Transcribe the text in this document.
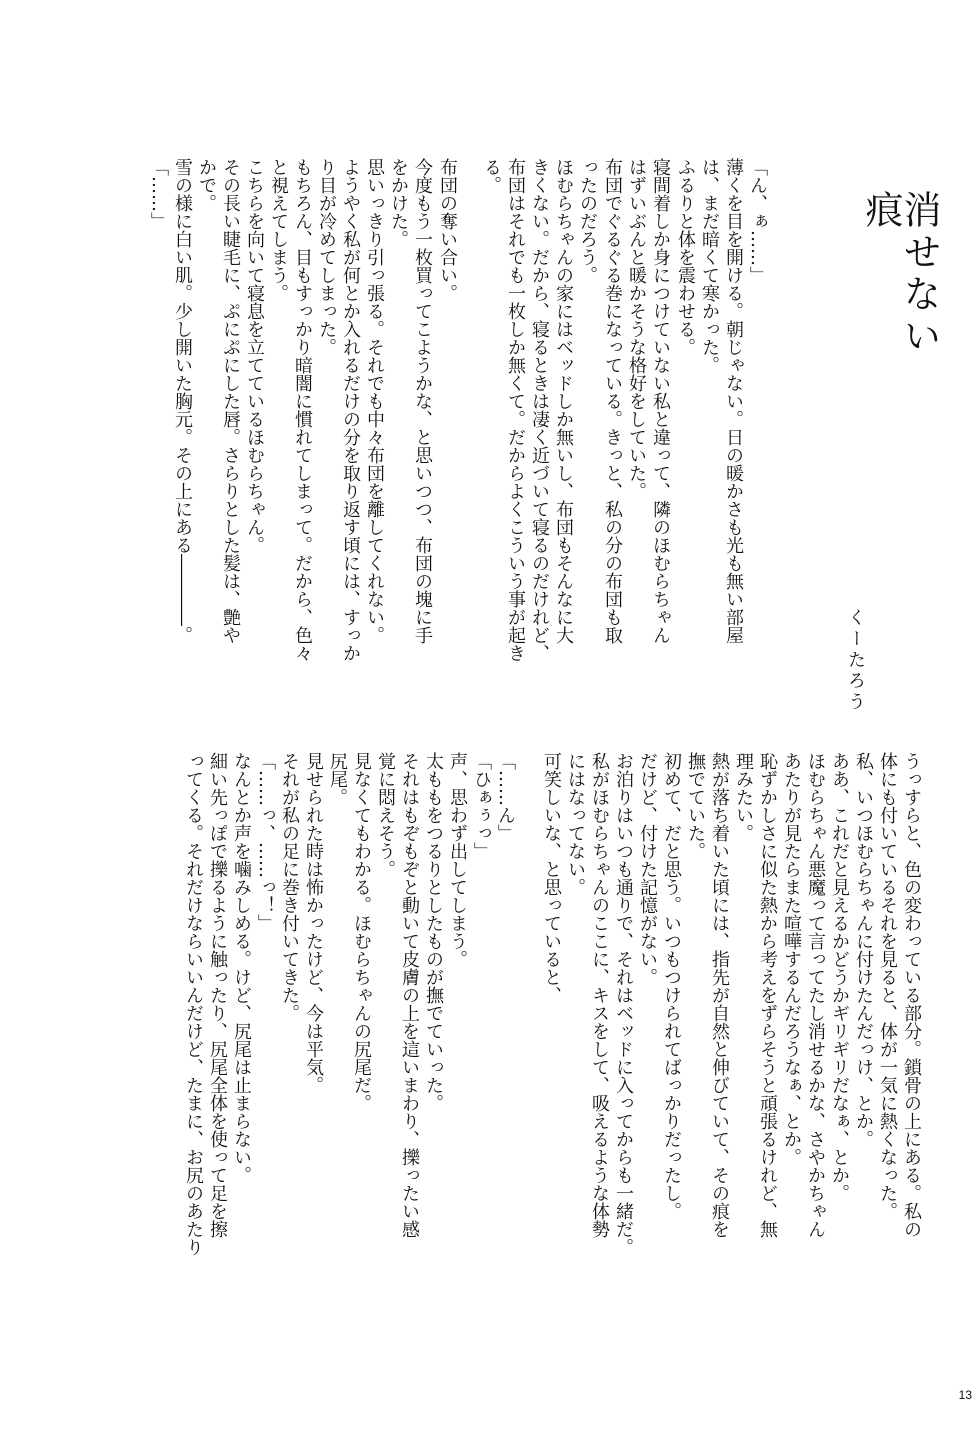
消せない痕
くーたろう
「ん、ぁ……」
薄くを目を開ける。朝じゃない。日の暖かさも光も無い部屋
は、まだ暗くて寒かった。
ふるりと体を震わせる。
寝間着しか身につけていない私と違って、隣のほむらちゃん
はずいぶんと暖かそうな格好をしていた。
布団でぐるぐる巻になっている。きっと、私の分の布団も取
ったのだろう。
ほむらちゃんの家にはベッドしか無いし、布団もそんなに大
きくない。だから、寝るときは凄く近づいて寝るのだけれど、
布団はそれでも一枚しか無くて。だからよくこういう事が起き
る。
布団の奪い合い。
今度もう一枚買ってこようかな、と思いつつ、布団の塊に手
をかけた。
思いっきり引っ張る。それでも中々布団を離してくれない。
ようやく私が何とか入れるだけの分を取り返す頃には、すっか
り目が冷めてしまった。
もちろん、目もすっかり暗闇に慣れてしまって。だから、色々
と視えてしまう。
こちらを向いて寝息を立てているほむらちゃん。
その長い睫毛に、ぷにぷにした唇。さらりとした髪は、艶や
かで。
雪の様に白い肌。少し開いた胸元。その上にある――――。
「……」
うっすらと、色の変わっている部分。鎖骨の上にある。私の
体にも付いているそれを見ると、体が一気に熱くなった。
私、いつほむらちゃんに付けたんだっけ、とか。
ああ、これだと見えるかどうかギリギリだなぁ、とか。
ほむらちゃん悪魔って言ってたし消せるかな、さやかちゃん
あたりが見たらまた喧嘩するんだろうなぁ、とか。
恥ずかしさに似た熱から考えをずらそうと頑張るけれど、無
理みたい。
熱が落ち着いた頃には、指先が自然と伸びていて、その痕を
撫でていた。
初めて、だと思う。いつもつけられてばっかりだったし。
だけど、付けた記憶がない。
お泊りはいつも通りで、それはベッドに入ってからも一緒だ。
私がほむらちゃんのここに、キスをして、吸えるような体勢
にはなってない。
可笑しいな、と思っていると、
「……ん」
「ひぁぅっ」
声、思わず出してしまう。
太ももをつるりとしたものが撫でていった。
それはもぞもぞと動いて皮膚の上を這いまわり、擽ったい感
覚に悶えそう。
見なくてもわかる。ほむらちゃんの尻尾だ。
尻尾。
見せられた時は怖かったけど、今は平気。
それが私の足に巻き付いてきた。
「……っ、……っ！」
なんとか声を噛みしめる。けど、尻尾は止まらない。
細い先っぽで擽るように触ったり、尻尾全体を使って足を擦
ってくる。それだけならいいんだけど、たまに、お尻のあたり
13
